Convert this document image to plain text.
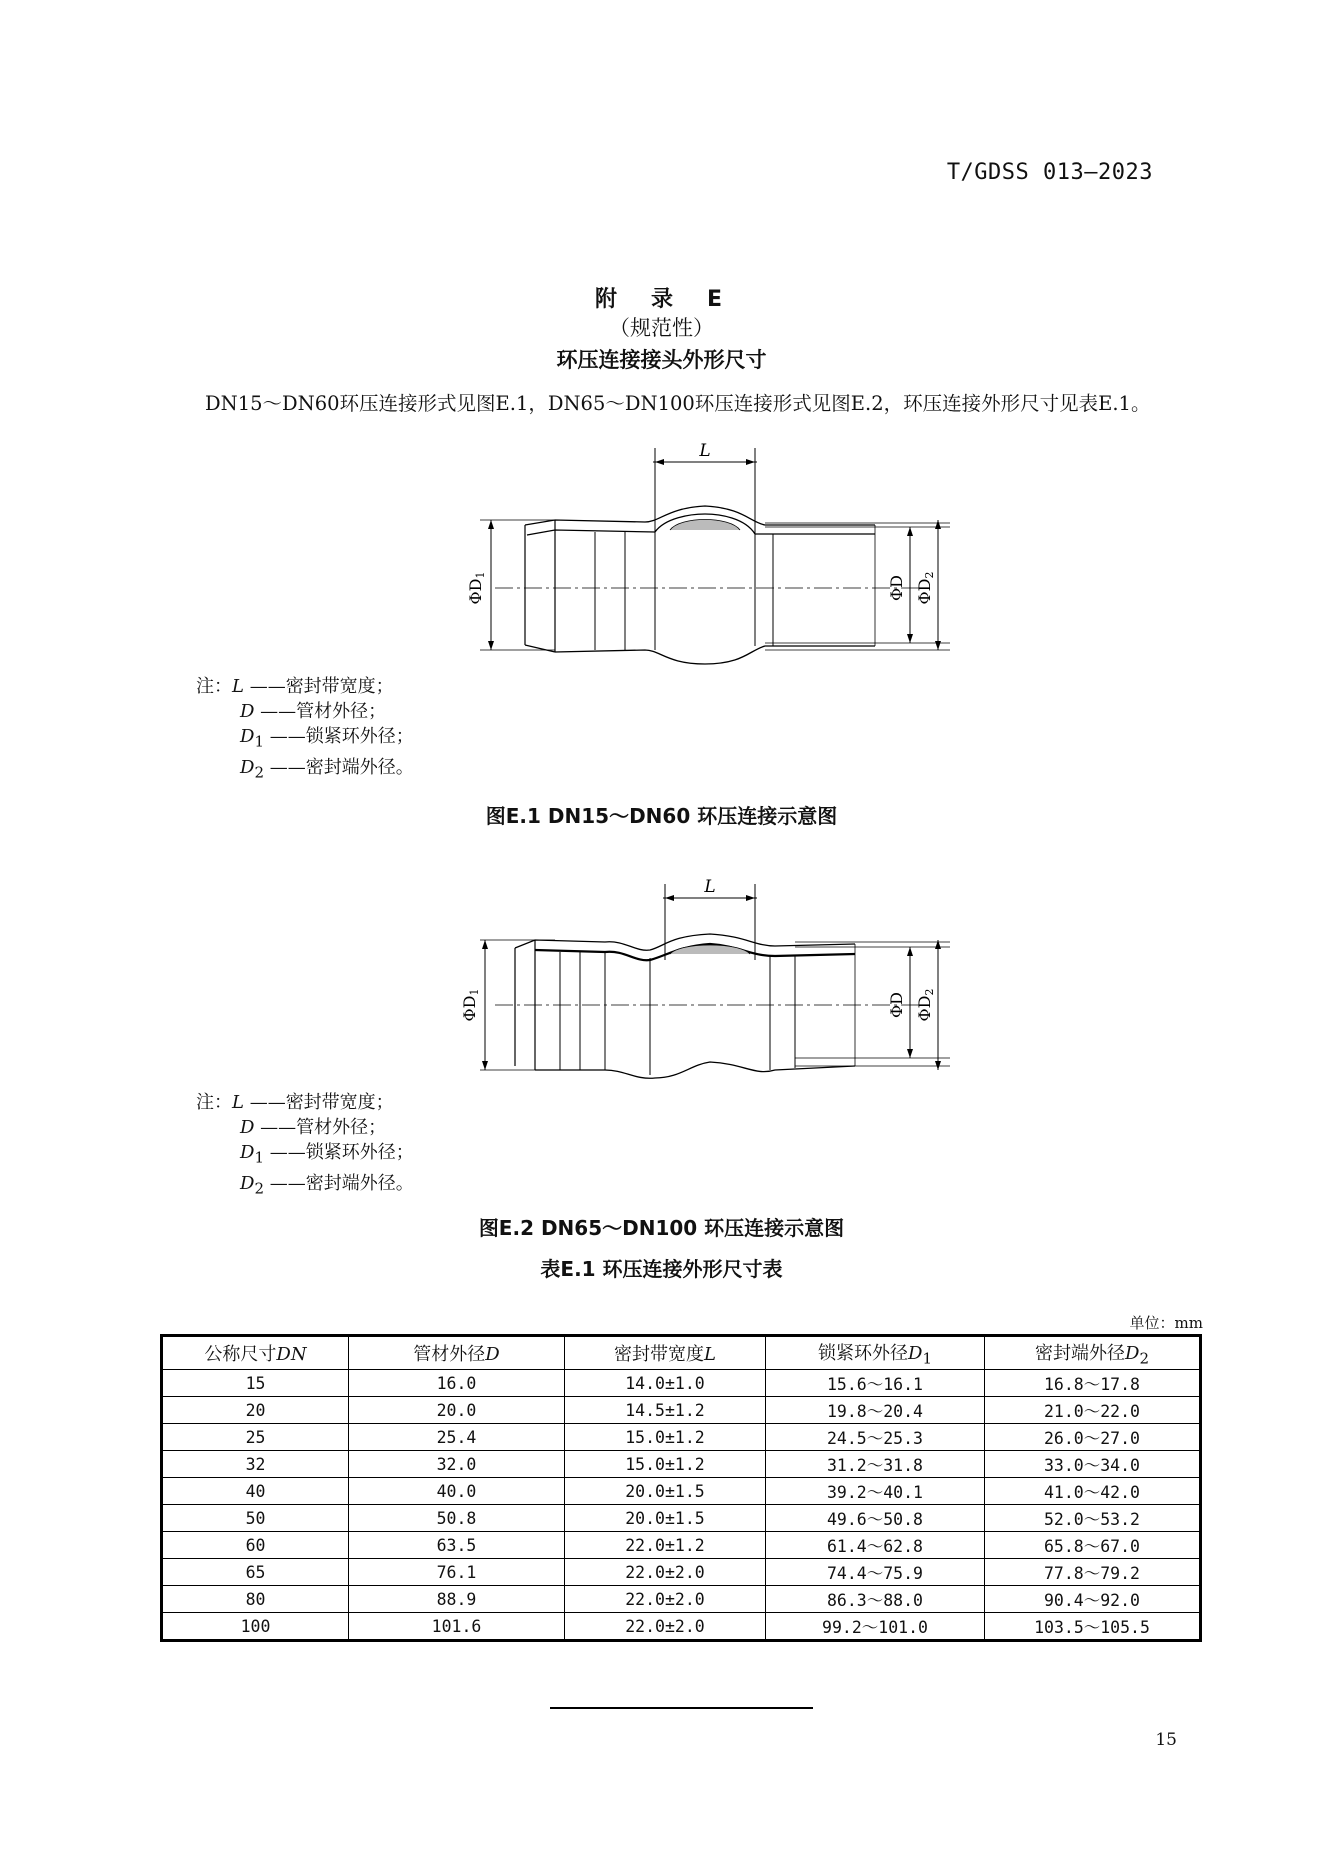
T/GDSS 013—2023
附　录　E
（规范性）
环压连接接头外形尺寸
DN15～DN60环压连接形式见图E.1，DN65～DN100环压连接形式见图E.2，环压连接外形尺寸见表E.1。
L
ΦD1	ΦD ΦD2
注：L ——密封带宽度；
D ——管材外径；
$D_1$ ——锁紧环外径；
$D_2$ ——密封端外径。
图E.1 DN15～DN60 环压连接示意图
L
ΦD1	ΦD ΦD2
注：L ——密封带宽度；
D ——管材外径；
$D_1$ ——锁紧环外径；
$D_2$ ——密封端外径。
图E.2 DN65～DN100 环压连接示意图
表E.1 环压连接外形尺寸表
单位：mm
公称尺寸DN	管材外径D	密封带宽度L	锁紧环外径$D_1$	密封端外径$D_2$
15	16.0	14.0±1.0	15.6～16.1	16.8～17.8
20	20.0	14.5±1.2	19.8～20.4	21.0～22.0
25	25.4	15.0±1.2	24.5～25.3	26.0～27.0
32	32.0	15.0±1.2	31.2～31.8	33.0～34.0
40	40.0	20.0±1.5	39.2～40.1	41.0～42.0
50	50.8	20.0±1.5	49.6～50.8	52.0～53.2
60	63.5	22.0±1.2	61.4～62.8	65.8～67.0
65	76.1	22.0±2.0	74.4～75.9	77.8～79.2
80	88.9	22.0±2.0	86.3～88.0	90.4～92.0
100	101.6	22.0±2.0	99.2～101.0	103.5～105.5
15
